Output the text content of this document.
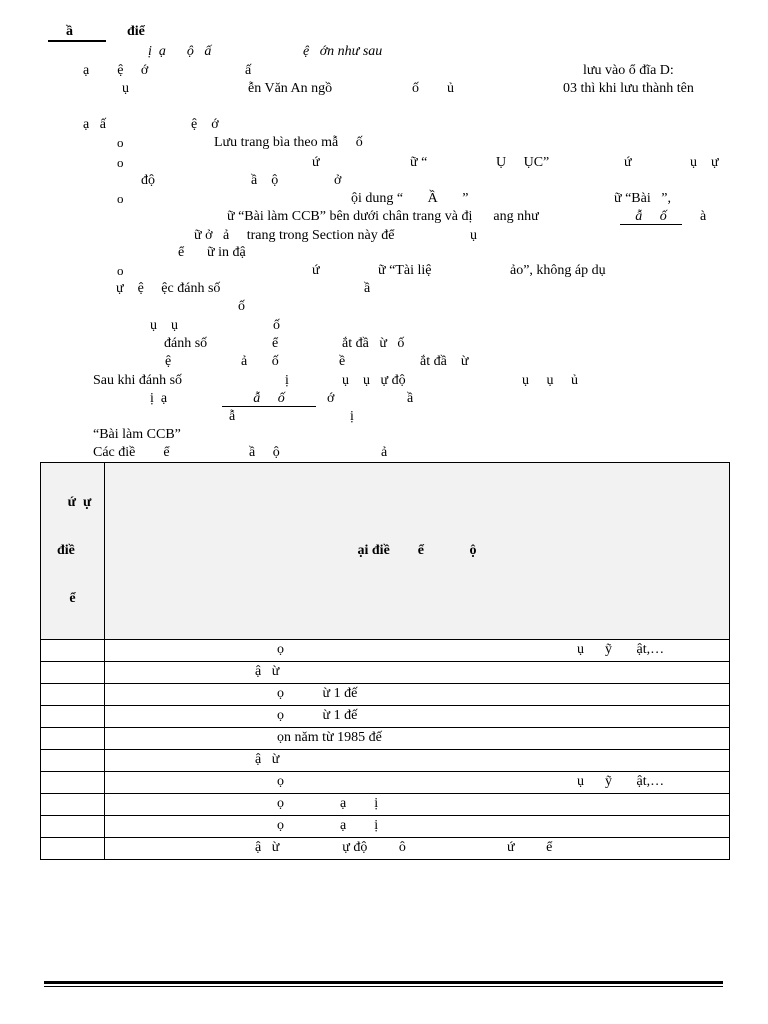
ầ	điể
ị  ạ      ộ   ấ	ệ   ớn như sau
ạ        ệ     ớ	ấ	lưu vào ổ đĩa D:
ụ	ễn Văn An ngồ	ố        ủ	03 thì khi lưu thành tên
ạ   ấ	ệ    ớ
o	Lưu trang bìa theo mẫ     ố
o	ứ	ữ “	Ụ     ỤC”	ứ	ụ    ự
độ	ầ    ộ	ở
o	ội dung “       Ầ       ”	ữ “Bài   ”,
ữ “Bài làm CCB” bên dưới chân trang và đị      ang như	ẫ     ố	à
ữ ở   ả     trang trong Section này để	ụ
ể ữ in đậ
o	ứ	ữ “Tài liệ	ảo”, không áp dụ
ự    ệ     ệc đánh số	ầ
ố
ụ    ụ	ố
đánh số	ể	ắt đầ   ừ   ố
ệ	ả       ố	ề	ắt đầ    ừ
Sau khi đánh số	ị	ụ    ụ   ự độ	ụ     ụ     ủ
ị  ạ	ẫ     ố	ớ	ầ
ẫ	ị
“Bài làm CCB”
Các điề        ể	ầ     ộ	ả

ứ  ự

điề

ể	ại điề        ể             ộ

	ọ ụ      ỹ       ật,…

	ậ   ừ

	ọ           ừ 1 đế

	ọ           ừ 1 đế

	ọn năm từ 1985 đế

	ậ   ừ

	ọ ụ      ỹ       ật,…

	ọ                ạ        ị

	ọ                ạ        ị

	ậ   ừ                  ự độ         ô ứ         ể
